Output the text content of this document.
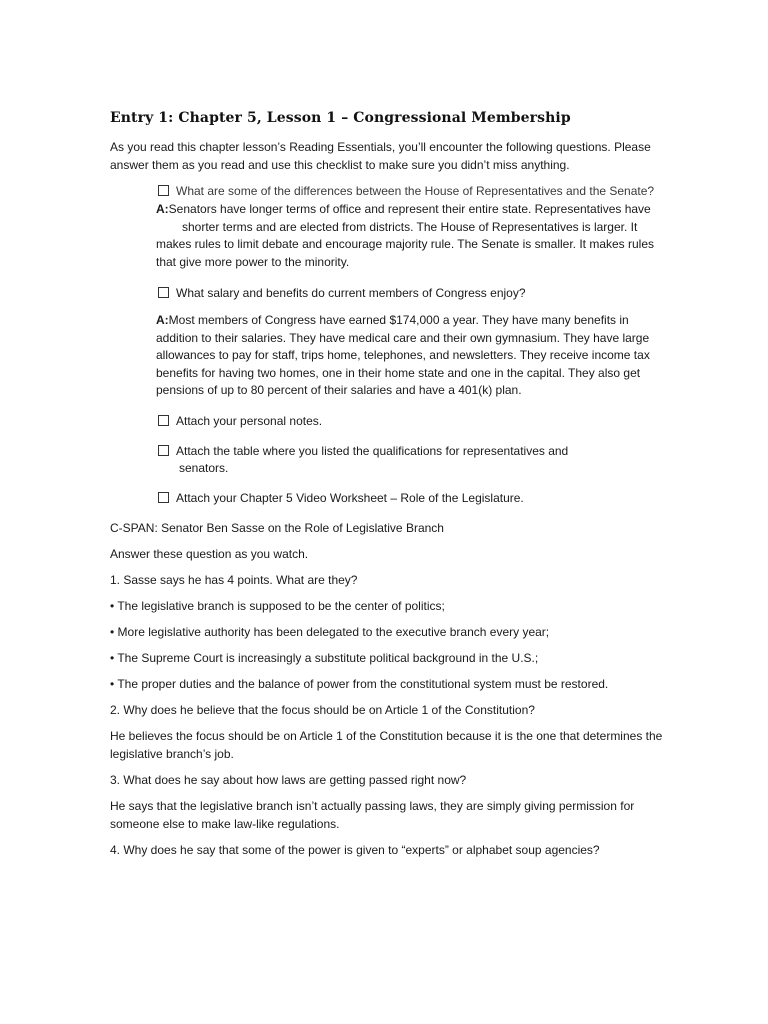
Entry 1: Chapter 5, Lesson 1 – Congressional Membership

As you read this chapter lesson’s Reading Essentials, you’ll encounter the following questions. Please answer them as you read and use this checklist to make sure you didn’t miss anything.

What are some of the differences between the House of Representatives and the Senate?
A:Senators have longer terms of office and represent their entire state. Representatives haveshorter terms and are elected from districts. The House of Representatives is larger. It makes rules to limit debate and encourage majority rule. The Senate is smaller. It makes rules that give more power to the minority.
What salary and benefits do current members of Congress enjoy?
A:Most members of Congress have earned $174,000 a year. They have many benefits in addition to their salaries. They have medical care and their own gymnasium. They have large allowances to pay for staff, trips home, telephones, and newsletters. They receive income tax benefits for having two homes, one in their home state and one in the capital. They also get pensions of up to 80 percent of their salaries and have a 401(k) plan.
Attach your personal notes.
Attach the table where you listed the qualifications for representatives and
senators.
Attach your Chapter 5 Video Worksheet – Role of the Legislature.

C-SPAN: Senator Ben Sasse on the Role of Legislative Branch

Answer these question as you watch.

1. Sasse says he has 4 points. What are they?

• The legislative branch is supposed to be the center of politics;

• More legislative authority has been delegated to the executive branch every year;

• The Supreme Court is increasingly a substitute political background in the U.S.;

• The proper duties and the balance of power from the constitutional system must be restored.

2. Why does he believe that the focus should be on Article 1 of the Constitution?

He believes the focus should be on Article 1 of the Constitution because it is the one that determines the legislative branch’s job.

3. What does he say about how laws are getting passed right now?

He says that the legislative branch isn’t actually passing laws, they are simply giving permission for someone else to make law-like regulations.

4. Why does he say that some of the power is given to “experts” or alphabet soup agencies?
